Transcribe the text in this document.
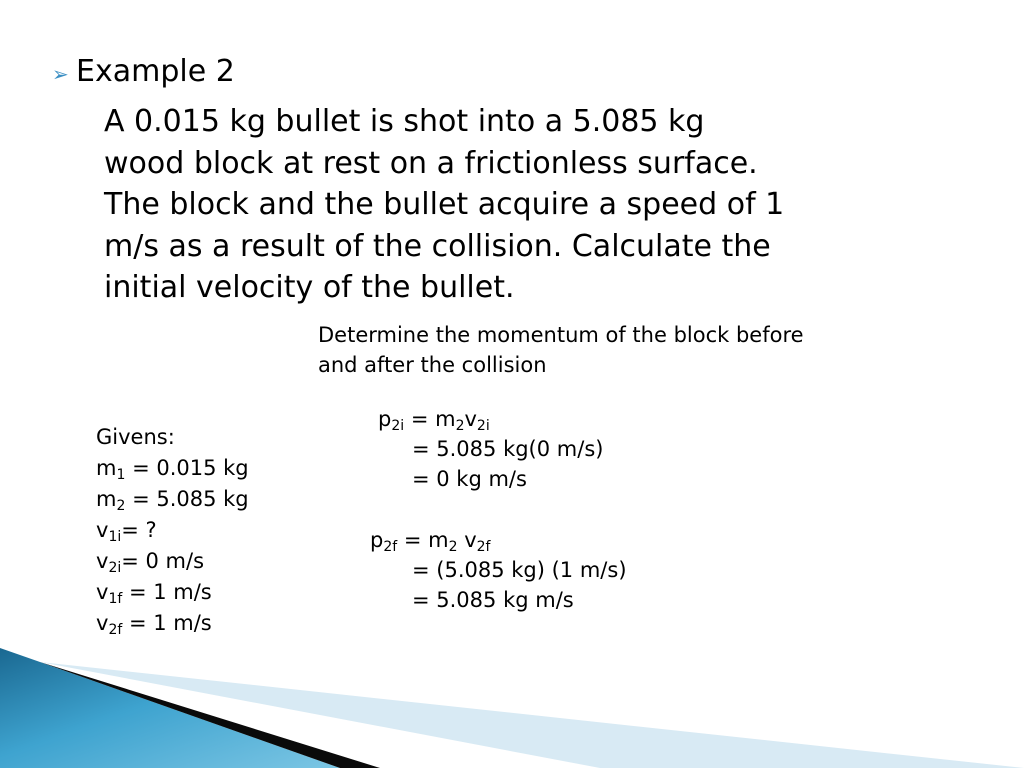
➢ Example 2
A 0.015 kg bullet is shot into a 5.085 kg
wood block at rest on a frictionless surface.
The block and the bullet acquire a speed of 1
m/s as a result of the collision. Calculate the
initial velocity of the bullet.
Determine the momentum of the block before
and after the collision
Givens:
$m_1 = 0.015$ kg
$m_2 = 5.085$ kg
$v_{1i}=$ ?
$v_{2i}= 0$ m/s
$v_{1f} = 1$ m/s
$v_{2f} = 1$ m/s
$p_{2i} = m_2v_{2i}$
= 5.085 kg(0 m/s)
= 0 kg m/s
$p_{2f} = m_2$ $v_{2f}$
= (5.085 kg) (1 m/s)
= 5.085 kg m/s
